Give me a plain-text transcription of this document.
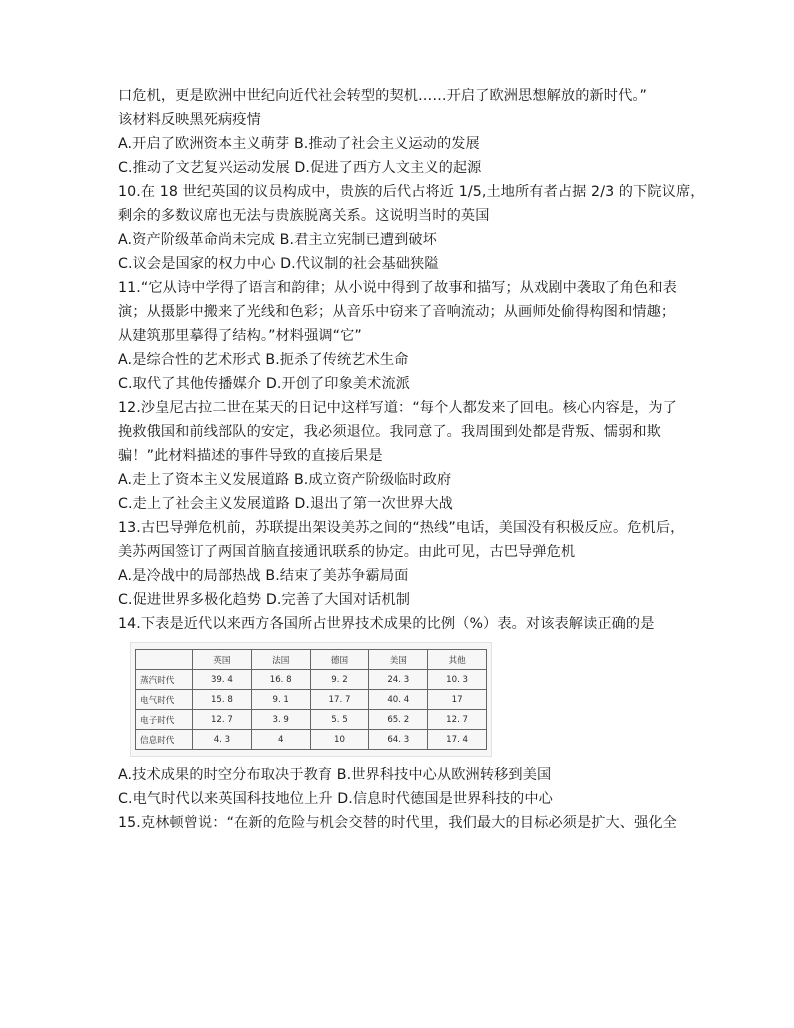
口危机，更是欧洲中世纪向近代社会转型的契机……开启了欧洲思想解放的新时代。”

该材料反映黑死病疫情

A.开启了欧洲资本主义萌芽 B.推动了社会主义运动的发展

C.推动了文艺复兴运动发展 D.促进了西方人文主义的起源

10.在 18 世纪英国的议员构成中，贵族的后代占将近 1/5,土地所有者占据 2/3 的下院议席，

剩余的多数议席也无法与贵族脱离关系。这说明当时的英国

A.资产阶级革命尚未完成 B.君主立宪制已遭到破坏

C.议会是国家的权力中心 D.代议制的社会基础狭隘

11.“它从诗中学得了语言和韵律；从小说中得到了故事和描写；从戏剧中袭取了角色和表

演；从摄影中搬来了光线和色彩；从音乐中窃来了音响流动；从画师处偷得构图和情趣；

从建筑那里摹得了结构。”材料强调“它”

A.是综合性的艺术形式 B.扼杀了传统艺术生命

C.取代了其他传播媒介 D.开创了印象美术流派

12.沙皇尼古拉二世在某天的日记中这样写道：“每个人都发来了回电。核心内容是，为了

挽救俄国和前线部队的安定，我必须退位。我同意了。我周围到处都是背叛、懦弱和欺

骗！”此材料描述的事件导致的直接后果是

A.走上了资本主义发展道路 B.成立资产阶级临时政府

C.走上了社会主义发展道路 D.退出了第一次世界大战

13.古巴导弹危机前，苏联提出架设美苏之间的“热线”电话，美国没有积极反应。危机后，

美苏两国签订了两国首脑直接通讯联系的协定。由此可见，古巴导弹危机

A.是冷战中的局部热战 B.结束了美苏争霸局面

C.促进世界多极化趋势 D.完善了大国对话机制

14.下表是近代以来西方各国所占世界技术成果的比例（%）表。对该表解读正确的是

	英国	法国	德国	美国	其他
蒸汽时代	39. 4	16. 8	9. 2	24. 3	10. 3
电气时代	15. 8	9. 1	17. 7	40. 4	17
电子时代	12. 7	3. 9	5. 5	65. 2	12. 7
信息时代	4. 3	4	10	64. 3	17. 4

A.技术成果的时空分布取决于教育 B.世界科技中心从欧洲转移到美国

C.电气时代以来英国科技地位上升 D.信息时代德国是世界科技的中心

15.克林顿曾说：“在新的危险与机会交替的时代里，我们最大的目标必须是扩大、强化全
